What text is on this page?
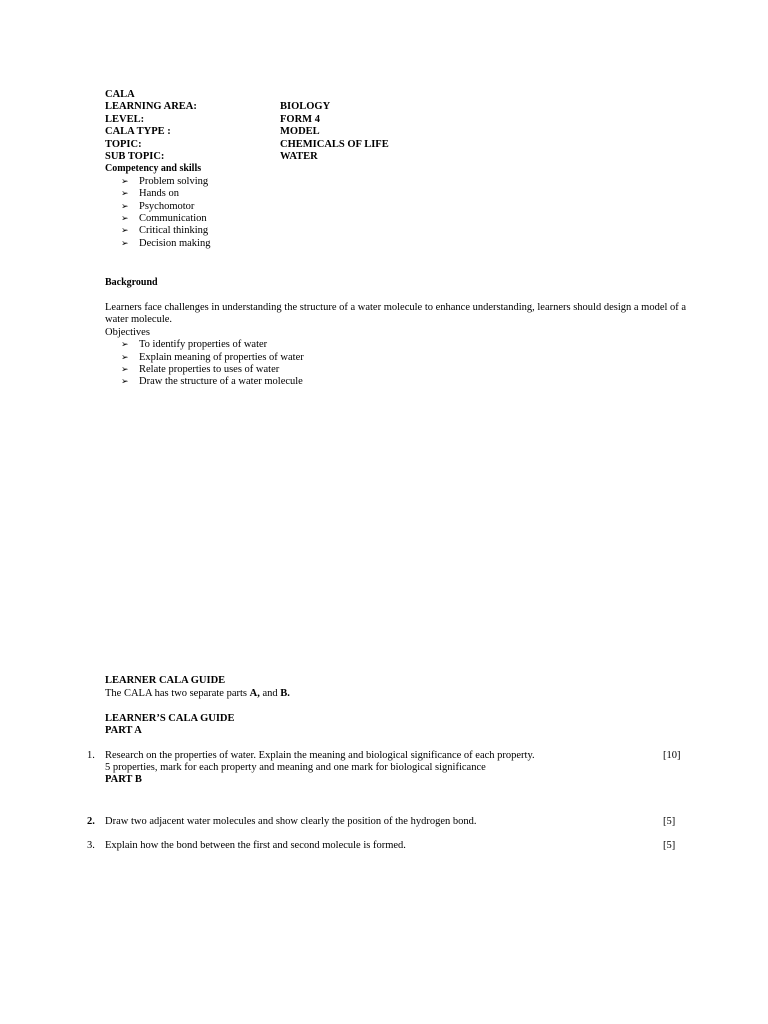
CALA
LEARNING AREA:	BIOLOGY
LEVEL:	FORM 4
CALA TYPE :	MODEL
TOPIC:	CHEMICALS OF LIFE
SUB TOPIC:	WATER
Competency and skills
➢ Problem solving
➢ Hands on
➢ Psychomotor
➢ Communication
➢ Critical thinking
➢ Decision making
Background
Learners face challenges in understanding the structure of a water molecule to enhance understanding, learners should design a model of a
water molecule.
Objectives
➢ To identify properties of water
➢ Explain meaning of properties of water
➢ Relate properties to uses of water
➢ Draw the structure of a water molecule
LEARNER CALA GUIDE
The CALA has two separate parts A, and B.
LEARNER’S CALA GUIDE
PART A
1. Research on the properties of water. Explain the meaning and biological significance of each property.	[10]
5 properties, mark for each property and meaning and one mark for biological significance
PART B
2. Draw two adjacent water molecules and show clearly the position of the hydrogen bond.	[5]
3. Explain how the bond between the first and second molecule is formed.	[5]
